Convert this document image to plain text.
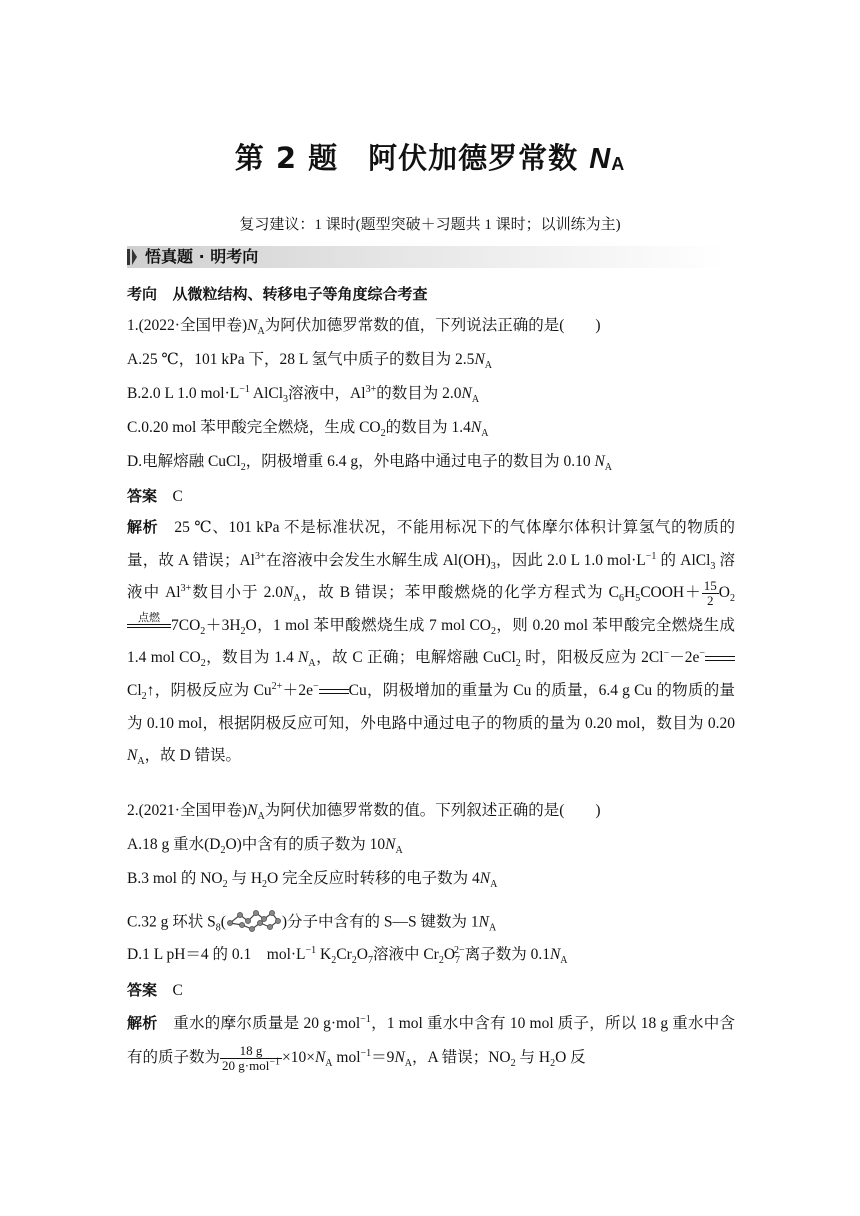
第 2 题　阿伏加德罗常数 $N_A$
复习建议：1 课时(题型突破＋习题共 1 课时；以训练为主)
悟真题 · 明考向
考向　 从微粒结构、转移电子等角度综合考查
1.(2022·全国甲卷)$N_A$为阿伏加德罗常数的值，下列说法正确的是(　　)
A.25 ℃，101 kPa 下，28 L 氢气中质子的数目为 $2.5N_A$
B.2.0 L 1.0 $mol\cdot L^{-1}$ AlCl$_3$溶液中，$Al^{3+}$的数目为 $2.0N_A$
C.0.20 mol 苯甲酸完全燃烧，生成 $CO_2$的数目为 $1.4N_A$
D.电解熔融 CuCl$_2$，阴极增重 6.4 g，外电路中通过电子的数目为 0.10 $N_A$
答案　 C
解析　25 ℃、101 kPa 不是标准状况，不能用标况下的气体摩尔体积计算氢气的物质的量，故 A 错误；$Al^{3+}$在溶液中会发生水解生成 $Al(OH)_3$，因此 2.0 L 1.0 $mol\cdot L^{-1}$ 的 AlCl$_3$ 溶液中 $Al^{3+}$数目小于 $2.0N_A$，故 B 错误；苯甲酸燃烧的化学方程式为 $C_6H_5COOH+ \frac{15}{2} O_2$
点燃
$7CO_2+3H_2O$，1 mol 苯甲酸燃烧生成 7 mol $CO_2$，则 0.20 mol 苯甲酸完全燃烧生成 1.4 mol $CO_2$，数目为 1.4 $N_A$，故 C 正确；电解熔融 CuCl$_2$ 时，阳极反应为 $2Cl^--2e^-Cl_2↑$，阴极反应为 $Cu^{2+}+2e^-$ Cu，阴极增加的重量为 Cu 的质量，6.4 g Cu 的物质的量为 0.10 mol，根据阴极反应可知，外电路中通过电子的物质的量为 0.20 mol，数目为 0.20 $N_A$，故 D 错误。
2.(2021·全国甲卷)$N_A$为阿伏加德罗常数的值。下列叙述正确的是(　　)
A.18 g 重水$(D_2O)$中含有的质子数为 $10N_A$
B.3 mol 的 $NO_2$ 与 $H_2O$ 完全反应时转移的电子数为 $4N_A$
C.32 g 环状 $S_8$(	)分子中含有的 S—S 键数为 $1N_A$
D.1 L pH＝4 的 0.1　$mol\cdot L^{-1}$ $K_2Cr_2O_7$溶液中 $Cr_2O_7^{2-}$离子数为 $0.1N_A$
答案　 C
解析　重水的摩尔质量是 20 g·mol$^{-1}$，1 mol 重水中含有 10 mol 质子，所以 18 g 重水中含有的质子数为 $\frac{18 g}{20 g\cdot mol^{-1}} \times 10\times N_A$ $mol^{-1}=9N_A$，A 错误；$NO_2$ 与 $H_2O$ 反
